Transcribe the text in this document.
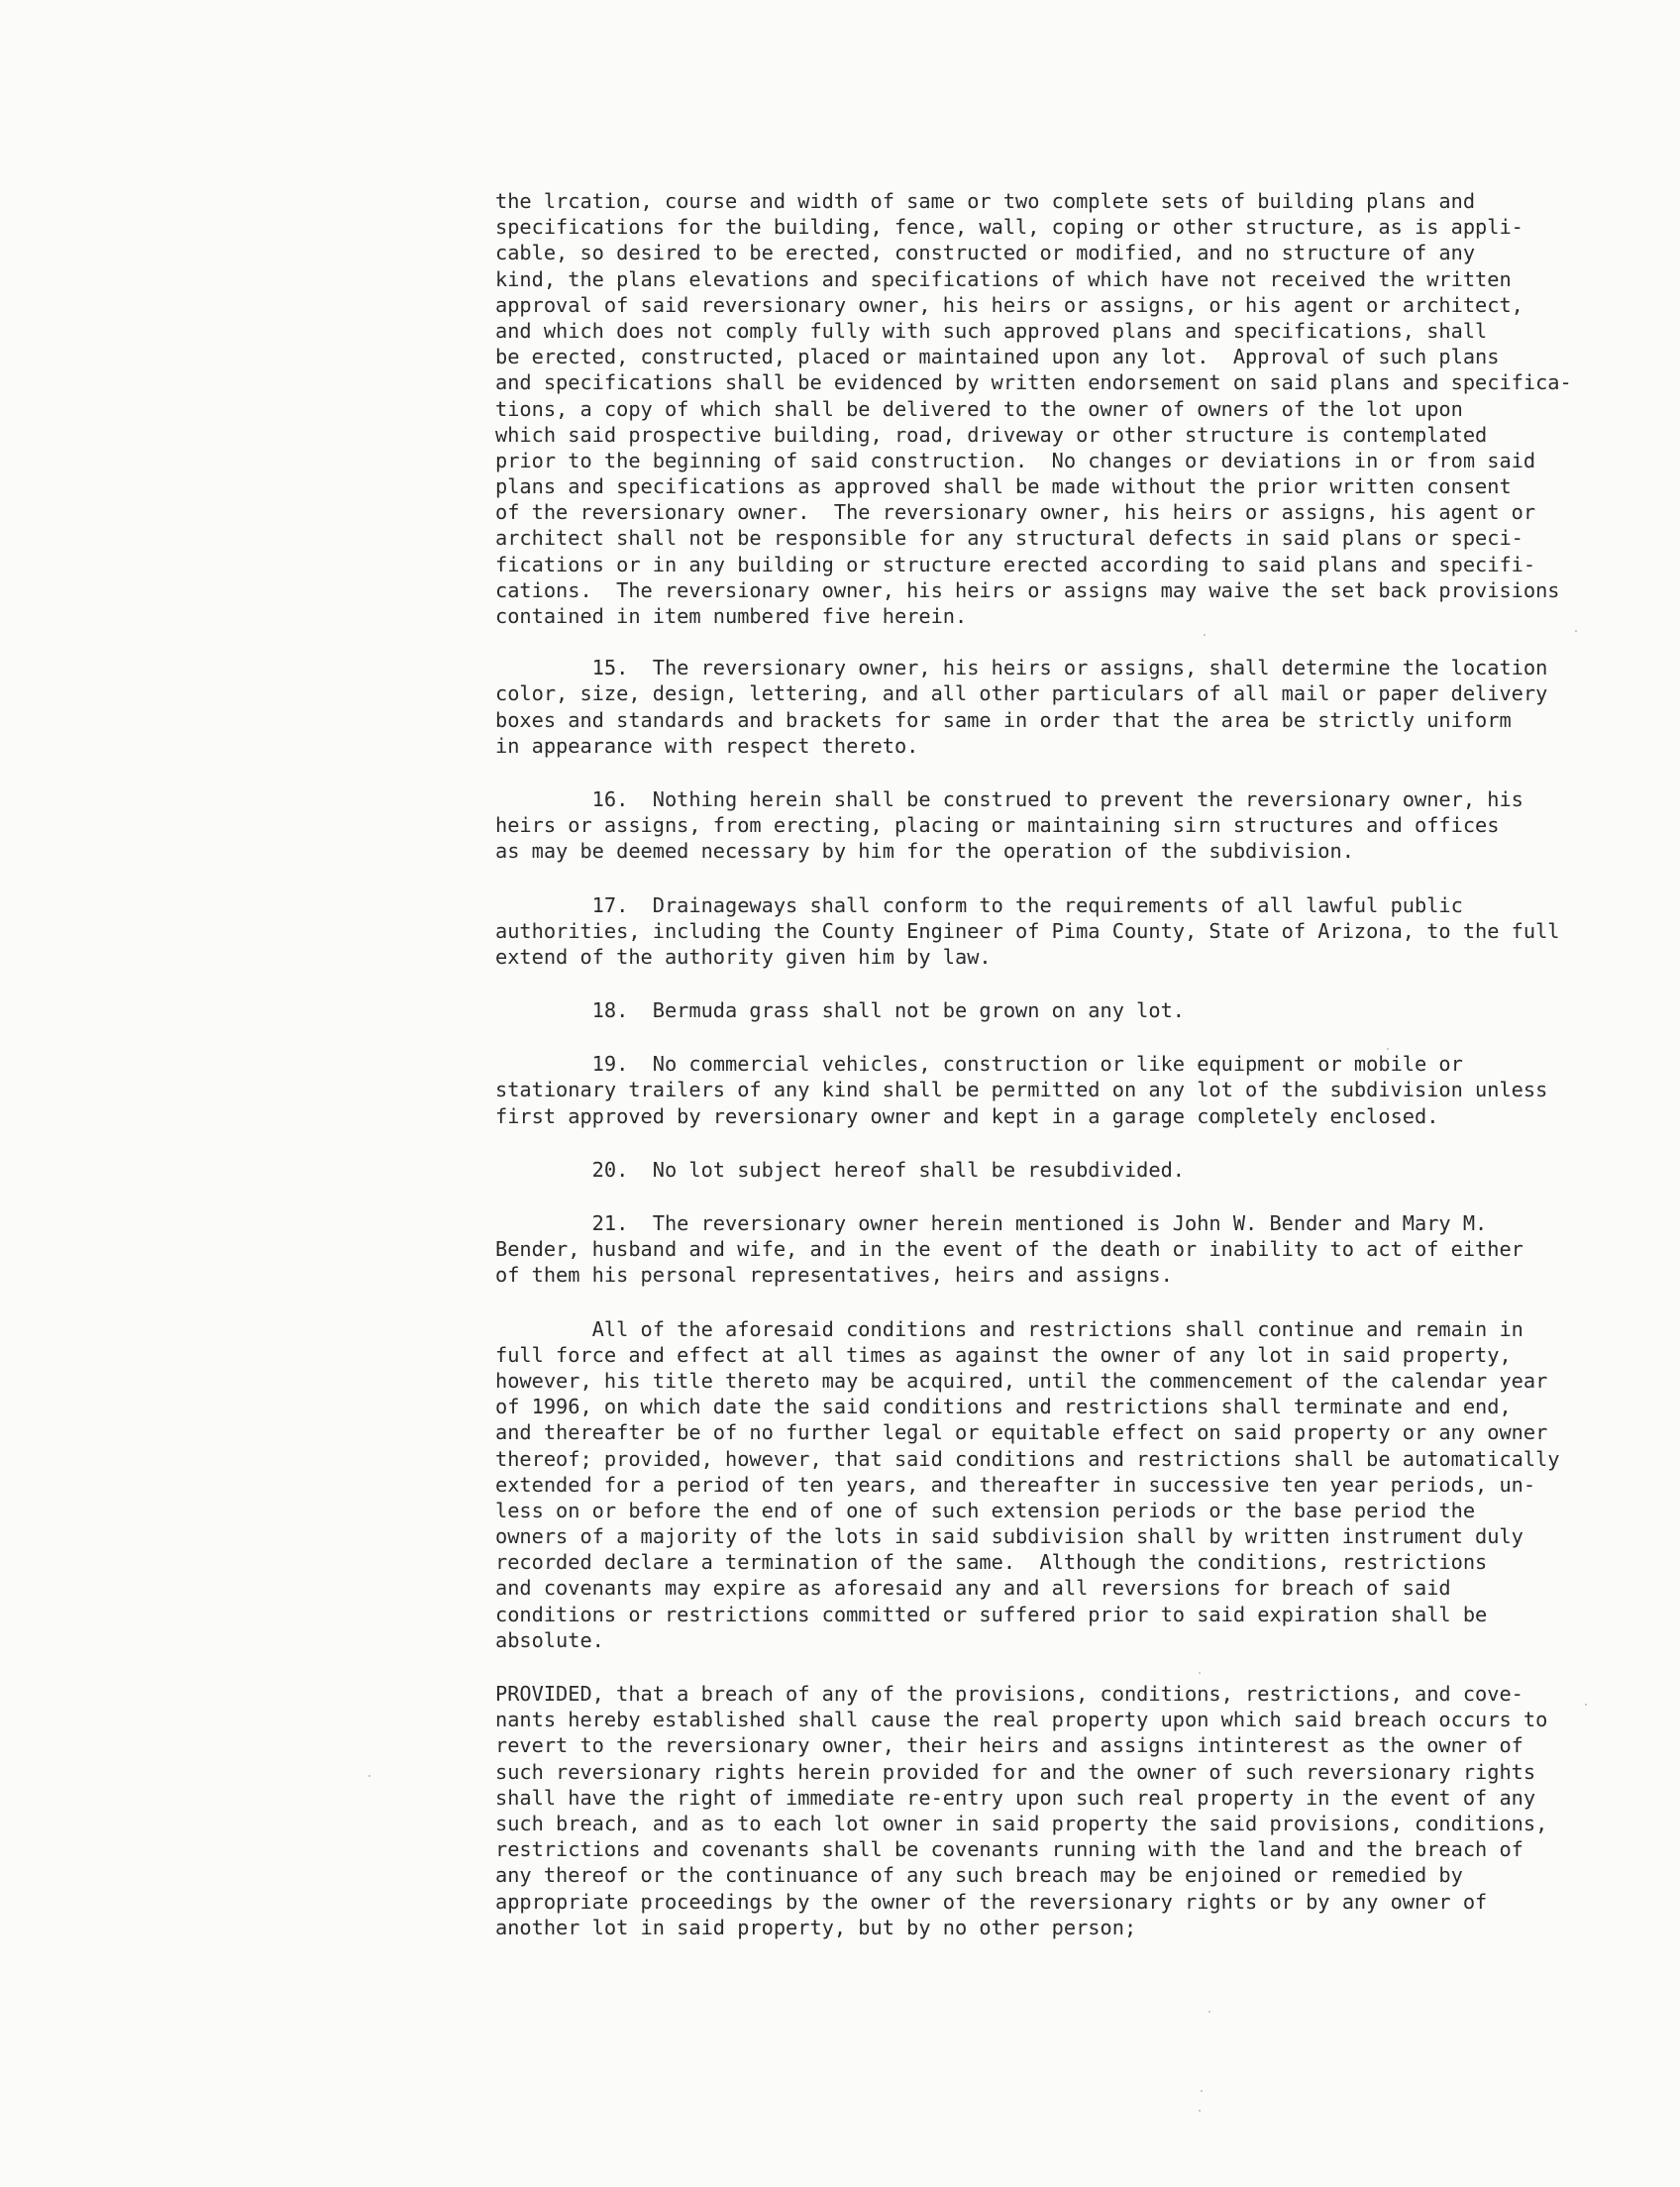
the lrcation, course and width of same or two complete sets of building plans and
specifications for the building, fence, wall, coping or other structure, as is appli-
cable, so desired to be erected, constructed or modified, and no structure of any
kind, the plans elevations and specifications of which have not received the written
approval of said reversionary owner, his heirs or assigns, or his agent or architect,
and which does not comply fully with such approved plans and specifications, shall
be erected, constructed, placed or maintained upon any lot.  Approval of such plans
and specifications shall be evidenced by written endorsement on said plans and specifica-
tions, a copy of which shall be delivered to the owner of owners of the lot upon
which said prospective building, road, driveway or other structure is contemplated
prior to the beginning of said construction.  No changes or deviations in or from said
plans and specifications as approved shall be made without the prior written consent
of the reversionary owner.  The reversionary owner, his heirs or assigns, his agent or
architect shall not be responsible for any structural defects in said plans or speci-
fications or in any building or structure erected according to said plans and specifi-
cations.  The reversionary owner, his heirs or assigns may waive the set back provisions
contained in item numbered five herein.
15.  The reversionary owner, his heirs or assigns, shall determine the location
color, size, design, lettering, and all other particulars of all mail or paper delivery
boxes and standards and brackets for same in order that the area be strictly uniform
in appearance with respect thereto.
16.  Nothing herein shall be construed to prevent the reversionary owner, his
heirs or assigns, from erecting, placing or maintaining sirn structures and offices
as may be deemed necessary by him for the operation of the subdivision.
17.  Drainageways shall conform to the requirements of all lawful public
authorities, including the County Engineer of Pima County, State of Arizona, to the full
extend of the authority given him by law.
18.  Bermuda grass shall not be grown on any lot.
19.  No commercial vehicles, construction or like equipment or mobile or
stationary trailers of any kind shall be permitted on any lot of the subdivision unless
first approved by reversionary owner and kept in a garage completely enclosed.
20.  No lot subject hereof shall be resubdivided.
21.  The reversionary owner herein mentioned is John W. Bender and Mary M.
Bender, husband and wife, and in the event of the death or inability to act of either
of them his personal representatives, heirs and assigns.
All of the aforesaid conditions and restrictions shall continue and remain in
full force and effect at all times as against the owner of any lot in said property,
however, his title thereto may be acquired, until the commencement of the calendar year
of 1996, on which date the said conditions and restrictions shall terminate and end,
and thereafter be of no further legal or equitable effect on said property or any owner
thereof; provided, however, that said conditions and restrictions shall be automatically
extended for a period of ten years, and thereafter in successive ten year periods, un-
less on or before the end of one of such extension periods or the base period the
owners of a majority of the lots in said subdivision shall by written instrument duly
recorded declare a termination of the same.  Although the conditions, restrictions
and covenants may expire as aforesaid any and all reversions for breach of said
conditions or restrictions committed or suffered prior to said expiration shall be
absolute.
PROVIDED, that a breach of any of the provisions, conditions, restrictions, and cove-
nants hereby established shall cause the real property upon which said breach occurs to
revert to the reversionary owner, their heirs and assigns intinterest as the owner of
such reversionary rights herein provided for and the owner of such reversionary rights
shall have the right of immediate re-entry upon such real property in the event of any
such breach, and as to each lot owner in said property the said provisions, conditions,
restrictions and covenants shall be covenants running with the land and the breach of
any thereof or the continuance of any such breach may be enjoined or remedied by
appropriate proceedings by the owner of the reversionary rights or by any owner of
another lot in said property, but by no other person;
